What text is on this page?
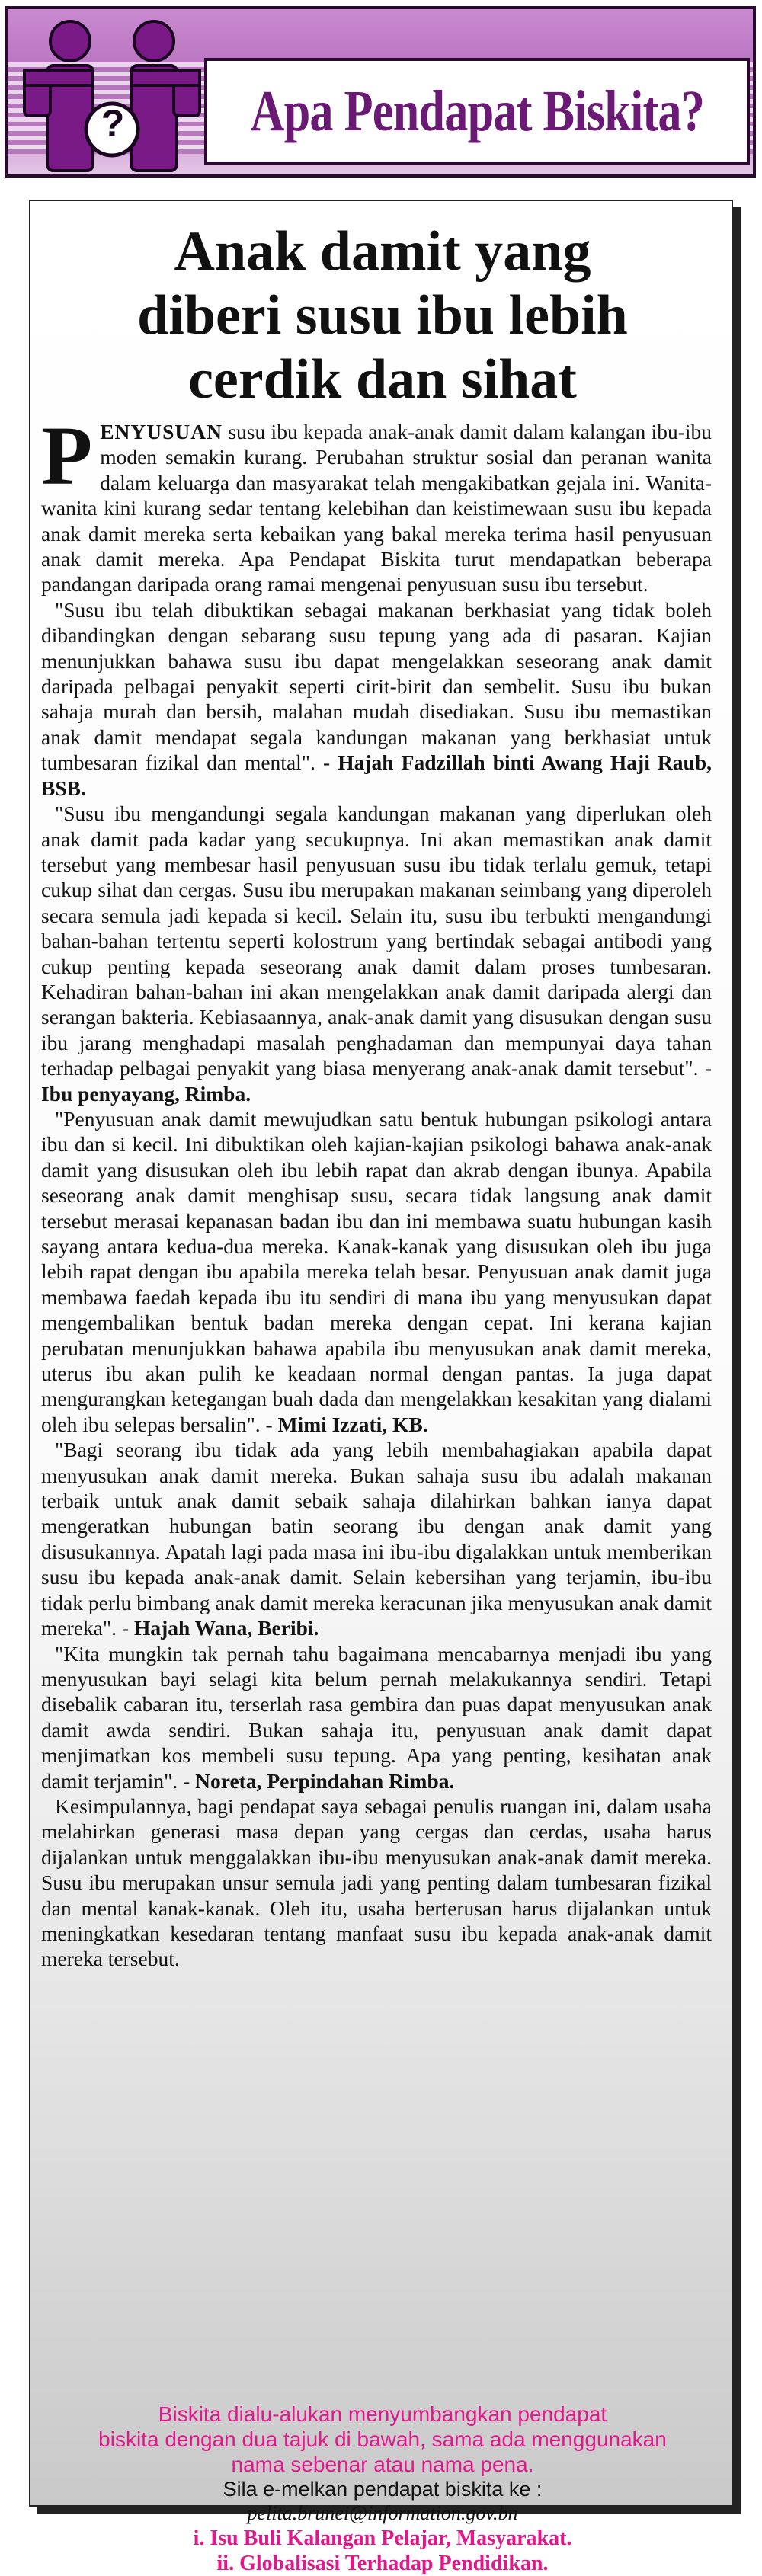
? Apa Pendapat Biskita?
Anak damit yang
diberi susu ibu lebih
cerdik dan sihat

PENYUSUAN susu ibu kepada anak-anak damit dalam kalangan ibu-ibu moden semakin kurang. Perubahan struktur sosial dan peranan wanita dalam keluarga dan masyarakat telah mengakibatkan gejala ini. Wanita-wanita kini kurang sedar tentang kelebihan dan keistimewaan susu ibu kepada anak damit mereka serta kebaikan yang bakal mereka terima hasil penyusuan anak damit mereka. Apa Pendapat Biskita turut mendapatkan beberapa pandangan daripada orang ramai mengenai penyusuan susu ibu tersebut.

"Susu ibu telah dibuktikan sebagai makanan berkhasiat yang tidak boleh dibandingkan dengan sebarang susu tepung yang ada di pasaran. Kajian menunjukkan bahawa susu ibu dapat mengelakkan seseorang anak damit daripada pelbagai penyakit seperti cirit-birit dan sembelit. Susu ibu bukan sahaja murah dan bersih, malahan mudah disediakan. Susu ibu memastikan anak damit mendapat segala kandungan makanan yang berkhasiat untuk tumbesaran fizikal dan mental". - Hajah Fadzillah binti Awang Haji Raub, BSB.

"Susu ibu mengandungi segala kandungan makanan yang diperlukan oleh anak damit pada kadar yang secukupnya. Ini akan memastikan anak damit tersebut yang membesar hasil penyusuan susu ibu tidak terlalu gemuk, tetapi cukup sihat dan cergas. Susu ibu merupakan makanan seimbang yang diperoleh secara semula jadi kepada si kecil. Selain itu, susu ibu terbukti mengandungi bahan-bahan tertentu seperti kolostrum yang bertindak sebagai antibodi yang cukup penting kepada seseorang anak damit dalam proses tumbesaran. Kehadiran bahan-bahan ini akan mengelakkan anak damit daripada alergi dan serangan bakteria. Kebiasaannya, anak-anak damit yang disusukan dengan susu ibu jarang menghadapi masalah penghadaman dan mempunyai daya tahan terhadap pelbagai penyakit yang biasa menyerang anak-anak damit tersebut". - Ibu penyayang, Rimba.

"Penyusuan anak damit mewujudkan satu bentuk hubungan psikologi antara ibu dan si kecil. Ini dibuktikan oleh kajian-kajian psikologi bahawa anak-anak damit yang disusukan oleh ibu lebih rapat dan akrab dengan ibunya. Apabila seseorang anak damit menghisap susu, secara tidak langsung anak damit tersebut merasai kepanasan badan ibu dan ini membawa suatu hubungan kasih sayang antara kedua-dua mereka. Kanak-kanak yang disusukan oleh ibu juga lebih rapat dengan ibu apabila mereka telah besar. Penyusuan anak damit juga membawa faedah kepada ibu itu sendiri di mana ibu yang menyusukan dapat mengembalikan bentuk badan mereka dengan cepat. Ini kerana kajian perubatan menunjukkan bahawa apabila ibu menyusukan anak damit mereka, uterus ibu akan pulih ke keadaan normal dengan pantas. Ia juga dapat mengurangkan ketegangan buah dada dan mengelakkan kesakitan yang dialami oleh ibu selepas bersalin". - Mimi Izzati, KB.

"Bagi seorang ibu tidak ada yang lebih membahagiakan apabila dapat menyusukan anak damit mereka. Bukan sahaja susu ibu adalah makanan terbaik untuk anak damit sebaik sahaja dilahirkan bahkan ianya dapat mengeratkan hubungan batin seorang ibu dengan anak damit yang disusukannya. Apatah lagi pada masa ini ibu-ibu digalakkan untuk memberikan susu ibu kepada anak-anak damit. Selain kebersihan yang terjamin, ibu-ibu tidak perlu bimbang anak damit mereka keracunan jika menyusukan anak damit mereka". - Hajah Wana, Beribi.

"Kita mungkin tak pernah tahu bagaimana mencabarnya menjadi ibu yang menyusukan bayi selagi kita belum pernah melakukannya sendiri. Tetapi disebalik cabaran itu, terserlah rasa gembira dan puas dapat menyusukan anak damit awda sendiri. Bukan sahaja itu, penyusuan anak damit dapat menjimatkan kos membeli susu tepung. Apa yang penting, kesihatan anak damit terjamin". - Noreta, Perpindahan Rimba.

Kesimpulannya, bagi pendapat saya sebagai penulis ruangan ini, dalam usaha melahirkan generasi masa depan yang cergas dan cerdas, usaha harus dijalankan untuk menggalakkan ibu-ibu menyusukan anak-anak damit mereka. Susu ibu merupakan unsur semula jadi yang penting dalam tumbesaran fizikal dan mental kanak-kanak. Oleh itu, usaha berterusan harus dijalankan untuk meningkatkan kesedaran tentang manfaat susu ibu kepada anak-anak damit mereka tersebut.

Biskita dialu-alukan menyumbangkan pendapat
biskita dengan dua tajuk di bawah, sama ada menggunakan
nama sebenar atau nama pena.
Sila e-melkan pendapat biskita ke :
pelita.brunei@information.gov.bn
i. Isu Buli Kalangan Pelajar, Masyarakat.
ii. Globalisasi Terhadap Pendidikan.
